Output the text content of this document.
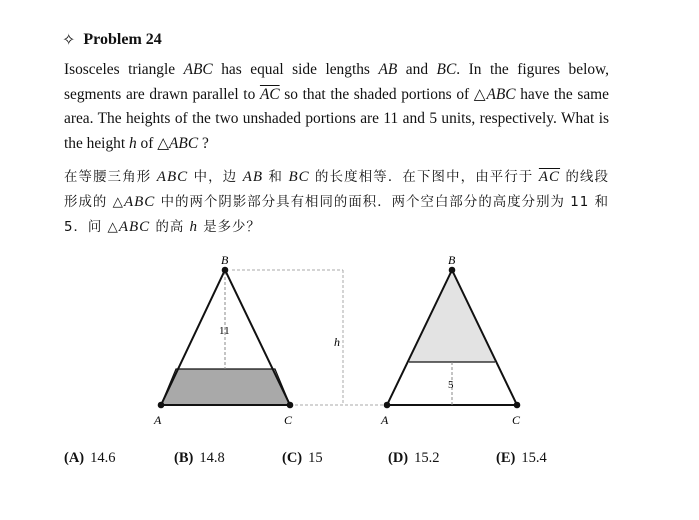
✧ Problem 24
Isosceles triangle ABC has equal side lengths AB and BC. In the figures below, segments are drawn parallel to $\overline{AC}$ so that the shaded portions of △ABC have the same area. The heights of the two unshaded portions are 11 and 5 units, respectively. What is the height h of △ABC ?
在等腰三角形 ABC 中，边 AB 和 BC 的长度相等．在下图中，由平行于 $\overline{AC}$ 的线段形成的 △ABC 中的两个阴影部分具有相同的面积．两个空白部分的高度分别为 11 和 5．问 △ABC 的高 h 是多少？
B
A	C
11
h
B
A	C
5
(A) 14.6	(B) 14.8	(C) 15	(D) 15.2	(E) 15.4
